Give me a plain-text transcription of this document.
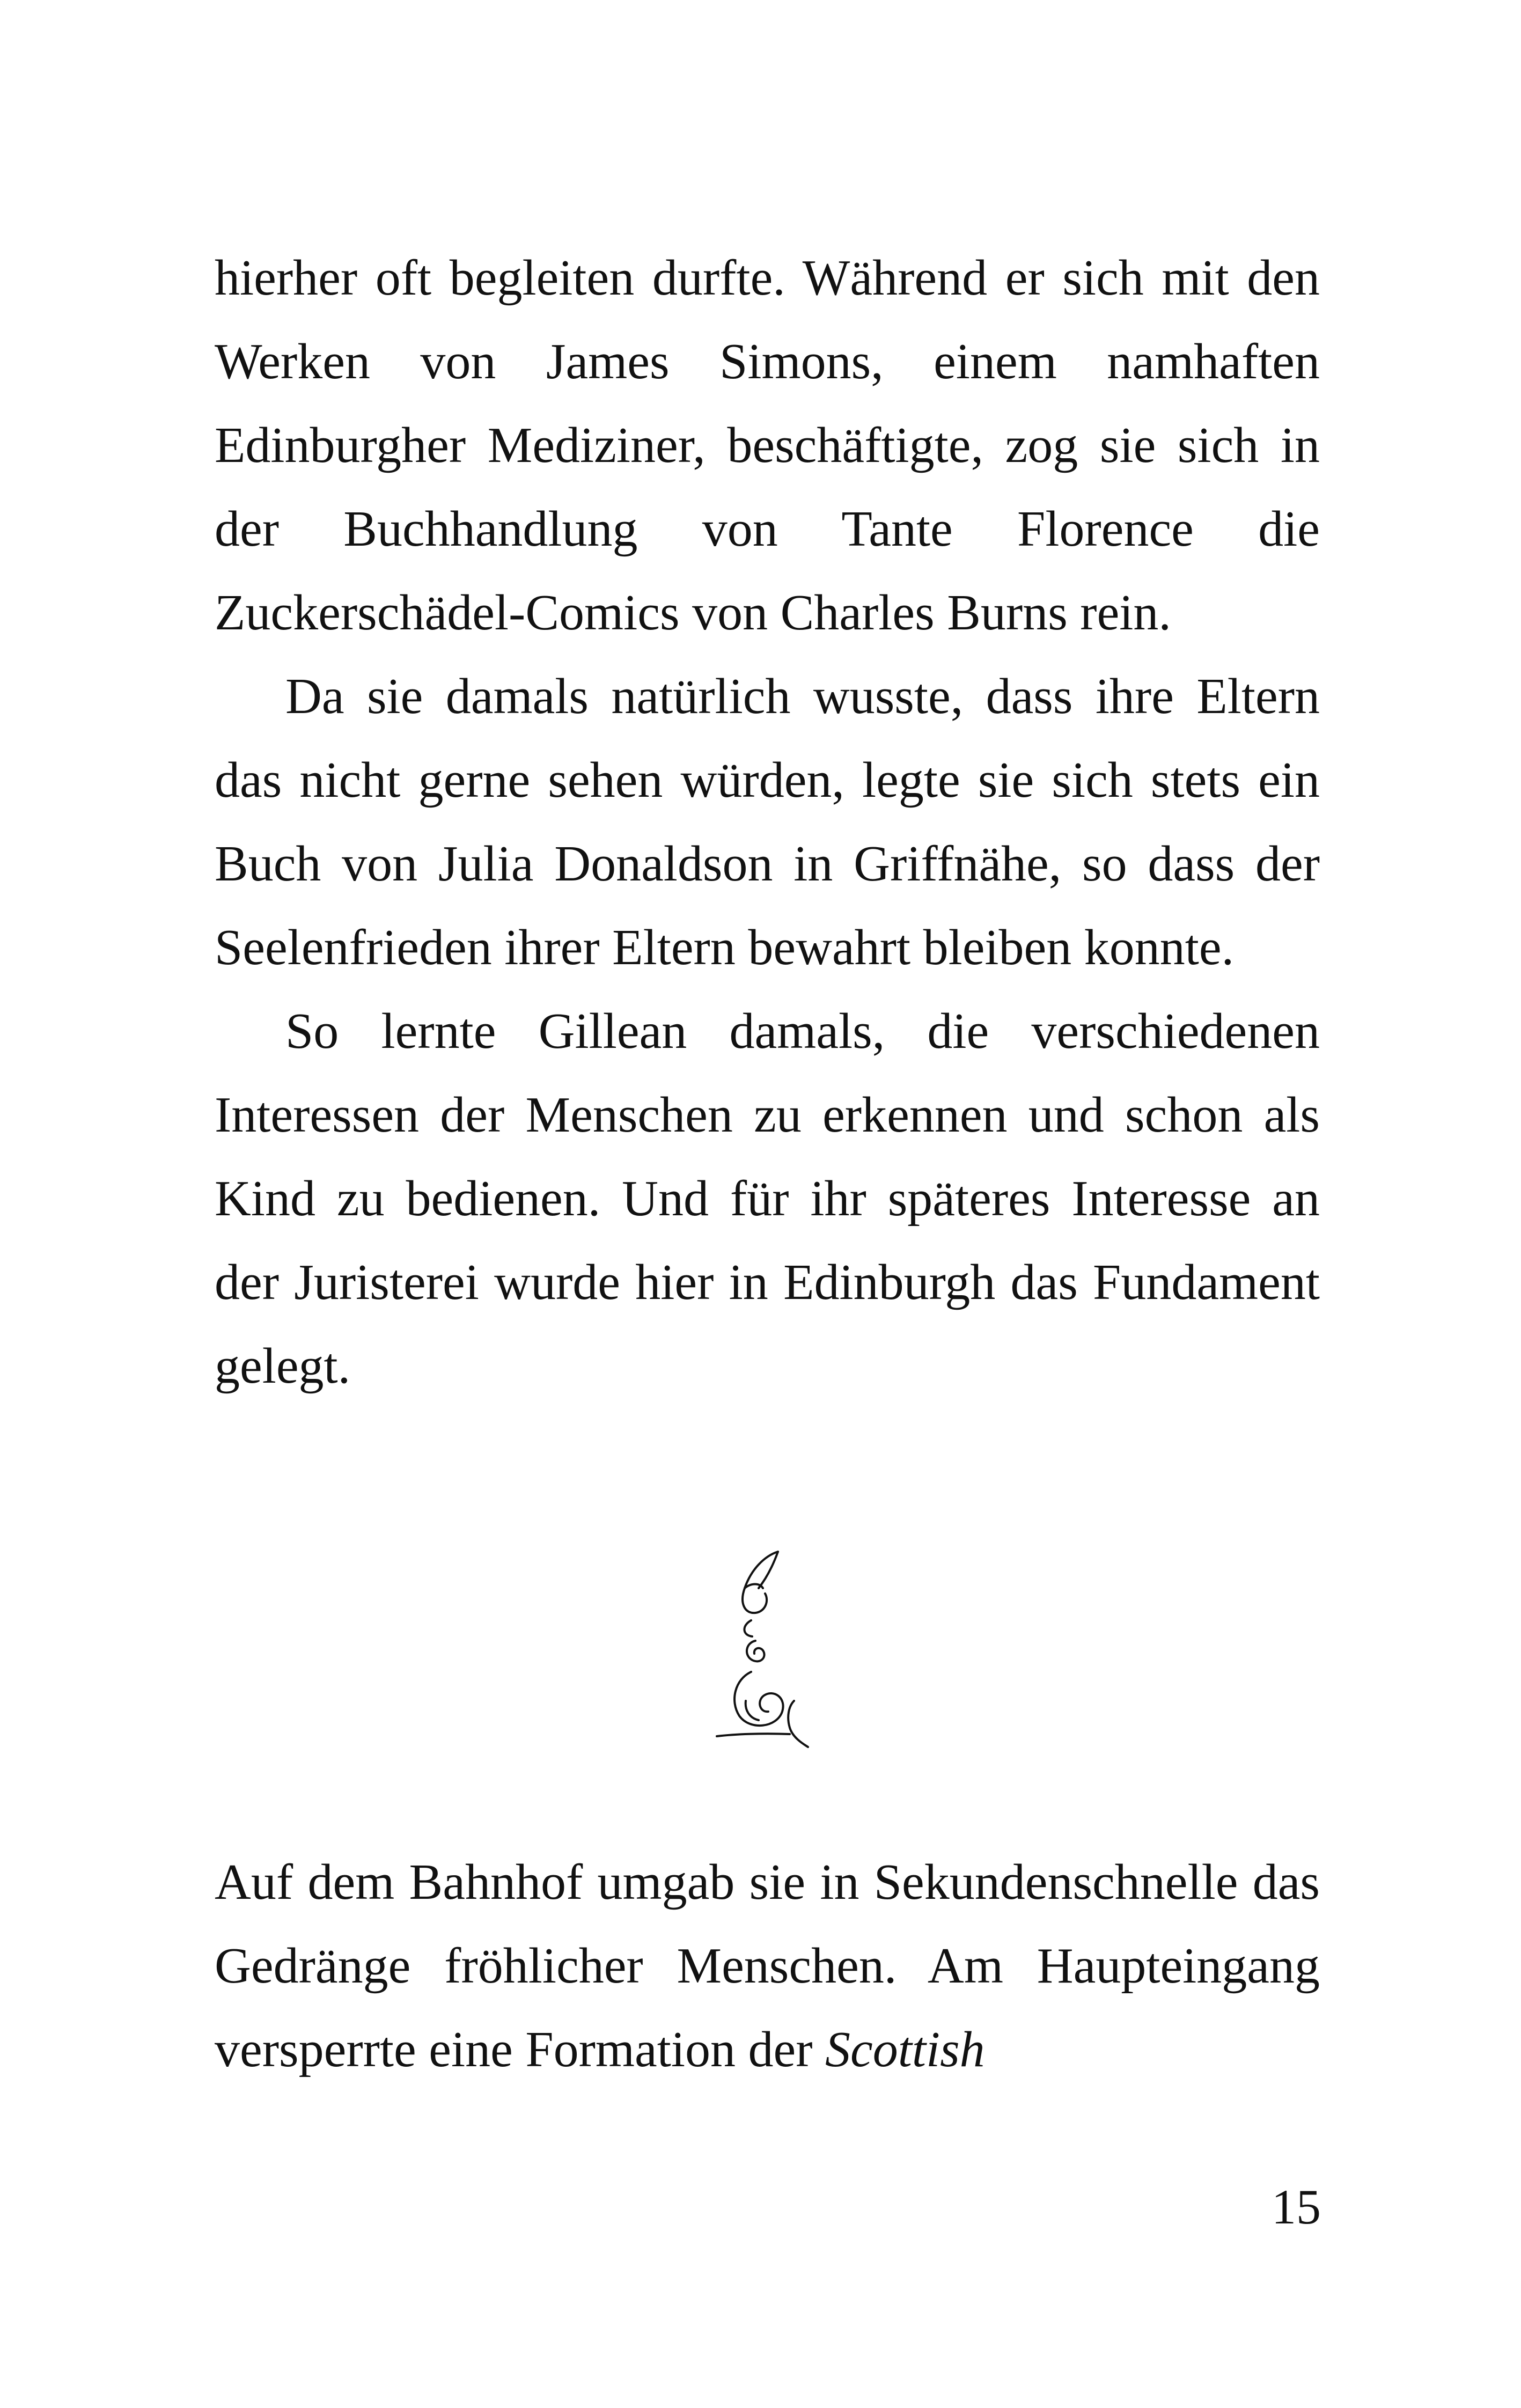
hierher oft begleiten durfte. Während er sich mit den Werken von James Simons, einem namhaften Edinburgher Mediziner, beschäftigte, zog sie sich in der Buchhandlung von Tante Florence die Zuckerschädel-Comics von Charles Burns rein.

Da sie damals natürlich wusste, dass ihre Eltern das nicht gerne sehen würden, legte sie sich stets ein Buch von Julia Donaldson in Griffnähe, so dass der Seelenfrieden ihrer Eltern bewahrt bleiben konnte.

So lernte Gillean damals, die verschiedenen Interessen der Menschen zu erkennen und schon als Kind zu bedienen. Und für ihr späteres Interesse an der Juristerei wurde hier in Edinburgh das Fundament gelegt.

Auf dem Bahnhof umgab sie in Sekundenschnelle das Gedränge fröhlicher Menschen. Am Haupteingang versperrte eine Formation der Scottish

15
